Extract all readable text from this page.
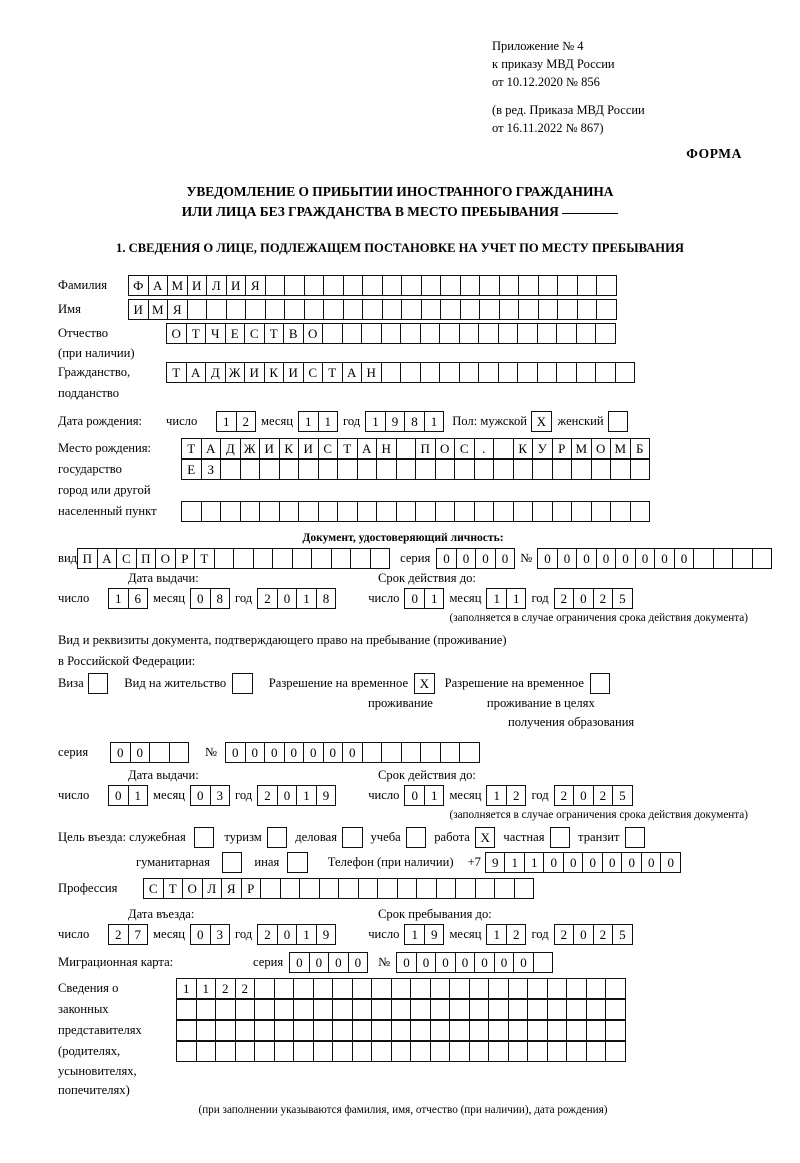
Приложение № 4
к приказу МВД России
от 10.12.2020 № 856
(в ред. Приказа МВД России
от 16.11.2022 № 867)
ФОРМА
УВЕДОМЛЕНИЕ О ПРИБЫТИИ ИНОСТРАННОГО ГРАЖДАНИНА
ИЛИ ЛИЦА БЕЗ ГРАЖДАНСТВА В МЕСТО ПРЕБЫВАНИЯ
1. СВЕДЕНИЯ О ЛИЦЕ, ПОДЛЕЖАЩЕМ ПОСТАНОВКЕ НА УЧЕТ ПО МЕСТУ ПРЕБЫВАНИЯ
Фамилия	Ф А М И Л И Я
Имя	И М Я
Отчество	О Т Ч Е С Т В О
(при наличии)
Гражданство,	Т А Д Ж И К И С Т А Н
подданство
Дата рождения:	число	1	2 месяц 1	1 год 1	9	8	1	Пол: мужской Х женский
Место рождения:	Т А Д Ж И К И С Т А Н	П О С	.	К У Р М О М Б
государство	Е З
город или другой
населенный пункт
Документ, удостоверяющий личность:
вид П А С П О Р Т	серия	0	0	0	0 № 0	0	0	0	0	0	0	0
Дата выдачи:	Срок действия до:
число	1	6 месяц 0	8 год 2	0	1	8	число 0	1 месяц 1	1 год 2	0	2	5
(заполняется в случае ограничения срока действия документа)
Вид и реквизиты документа, подтверждающего право на пребывание (проживание)
в Российской Федерации:
Виза	Вид на жительство	Разрешение на временное Х	Разрешение на временное
проживание	проживание в целях
получения образования
серия	0	0	№	0	0	0	0	0	0	0
Дата выдачи:	Срок действия до:
число	0	1 месяц 0	3 год 2	0	1	9	число 0	1 месяц 1	2 год 2	0	2	5
(заполняется в случае ограничения срока действия документа)
Цель въезда: служебная	туризм	деловая	учеба	работа Х	частная	транзит
гуманитарная	иная	Телефон (при наличии) +7 9	1	1	0	0	0	0	0	0	0
Профессия	С Т О Л Я Р
Дата въезда:	Срок пребывания до:
число	2	7 месяц 0	3 год 2	0	1	9	число 1	9 месяц 1	2 год 2	0	2	5
Миграционная карта:	серия	0	0	0	0	№	0	0	0	0	0	0	0
Сведения о	1	1	2	2
законных
представителях
(родителях,
усыновителях,
попечителях)
(при заполнении указываются фамилия, имя, отчество (при наличии), дата рождения)
